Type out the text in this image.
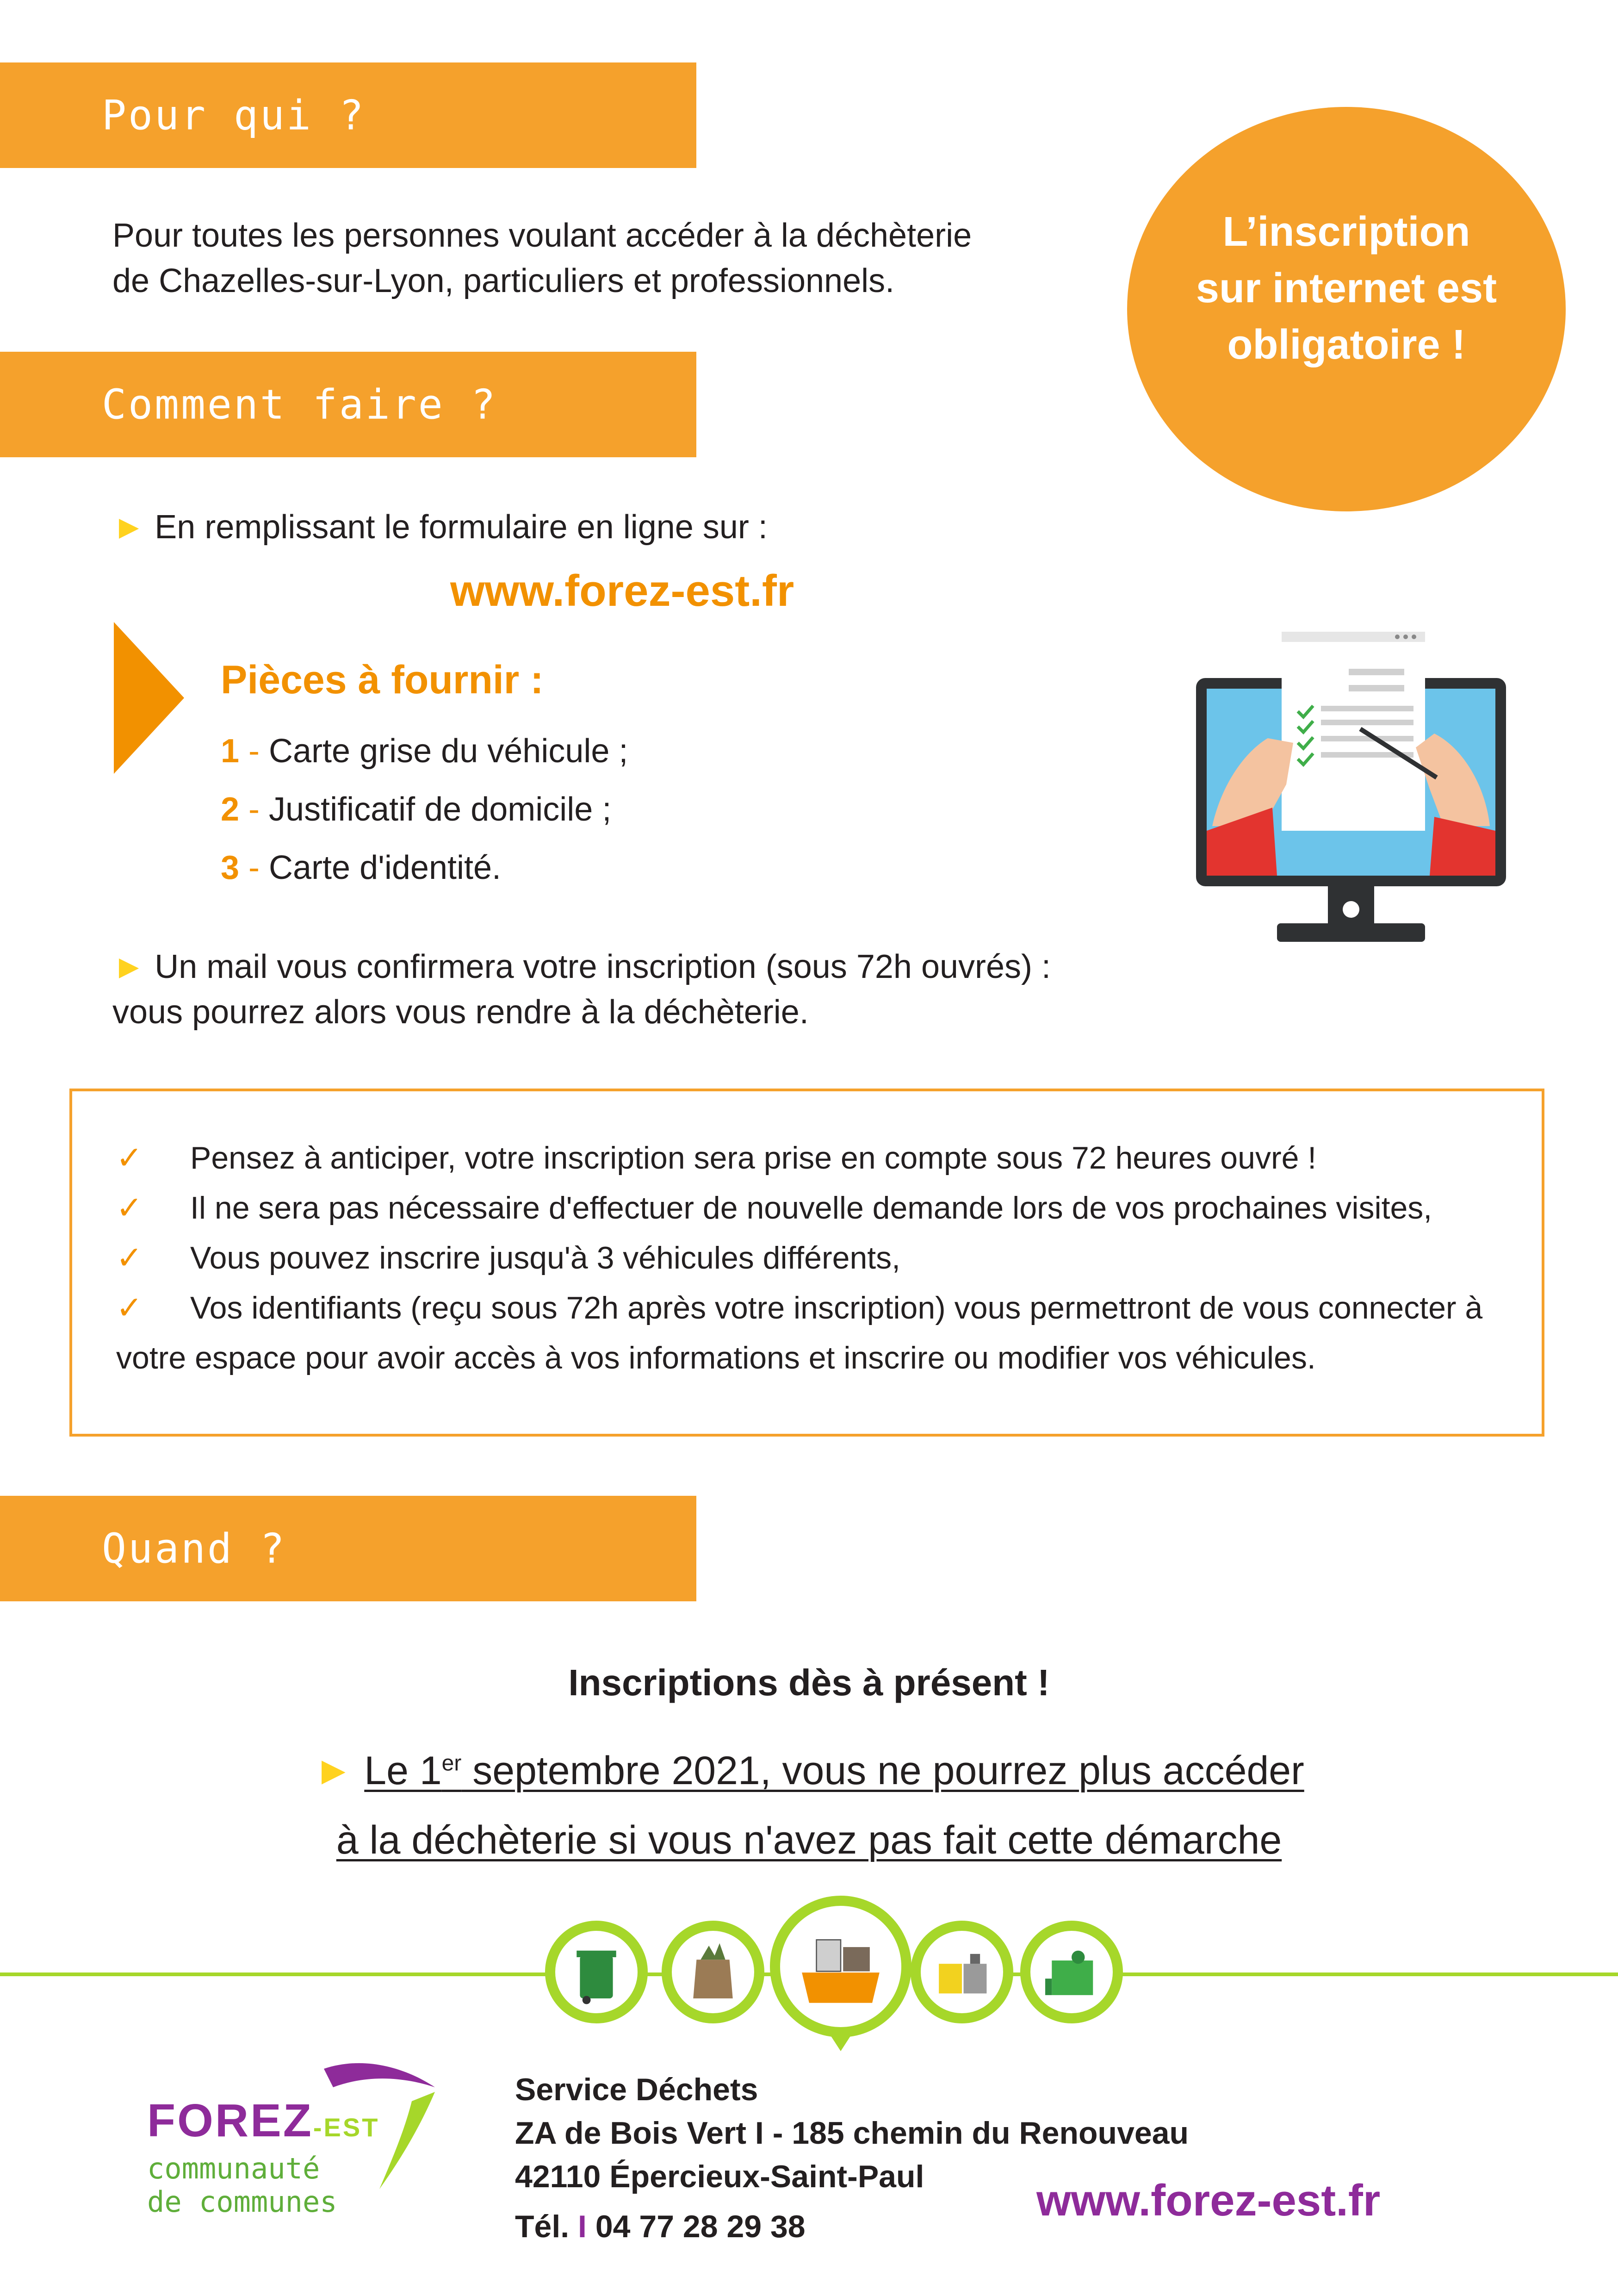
Pour qui ?
Pour toutes les personnes voulant accéder à la déchèterie
de Chazelles-sur-Lyon, particuliers et professionnels.
L’inscription
sur internet est
obligatoire !
Comment faire ?
► En remplissant le formulaire en ligne sur :
www.forez-est.fr
Pièces à fournir :
1 - Carte grise du véhicule ;
2 - Justificatif de domicile ;
3 - Carte d'identité.
► Un mail vous confirmera votre inscription (sous 72h ouvrés) :
vous pourrez alors vous rendre à la déchèterie.
✓ Pensez à anticiper, votre inscription sera prise en compte sous 72 heures ouvré !
✓ Il ne sera pas nécessaire d'effectuer de nouvelle demande lors de vos prochaines visites,
✓ Vous pouvez inscrire jusqu'à 3 véhicules différents,
✓ Vos identifiants (reçu sous 72h après votre inscription) vous permettront de vous connecter à
votre espace pour avoir accès à vos informations et inscrire ou modifier vos véhicules.
Quand ?
Inscriptions dès à présent !
► Le 1er septembre 2021, vous ne pourrez plus accéder
à la déchèterie si vous n'avez pas fait cette démarche
FOREZ-EST
communauté
de communes
Service Déchets
ZA de Bois Vert I - 185 chemin du Renouveau
42110 Épercieux-Saint-Paul
Tél. I 04 77 28 29 38
www.forez-est.fr
